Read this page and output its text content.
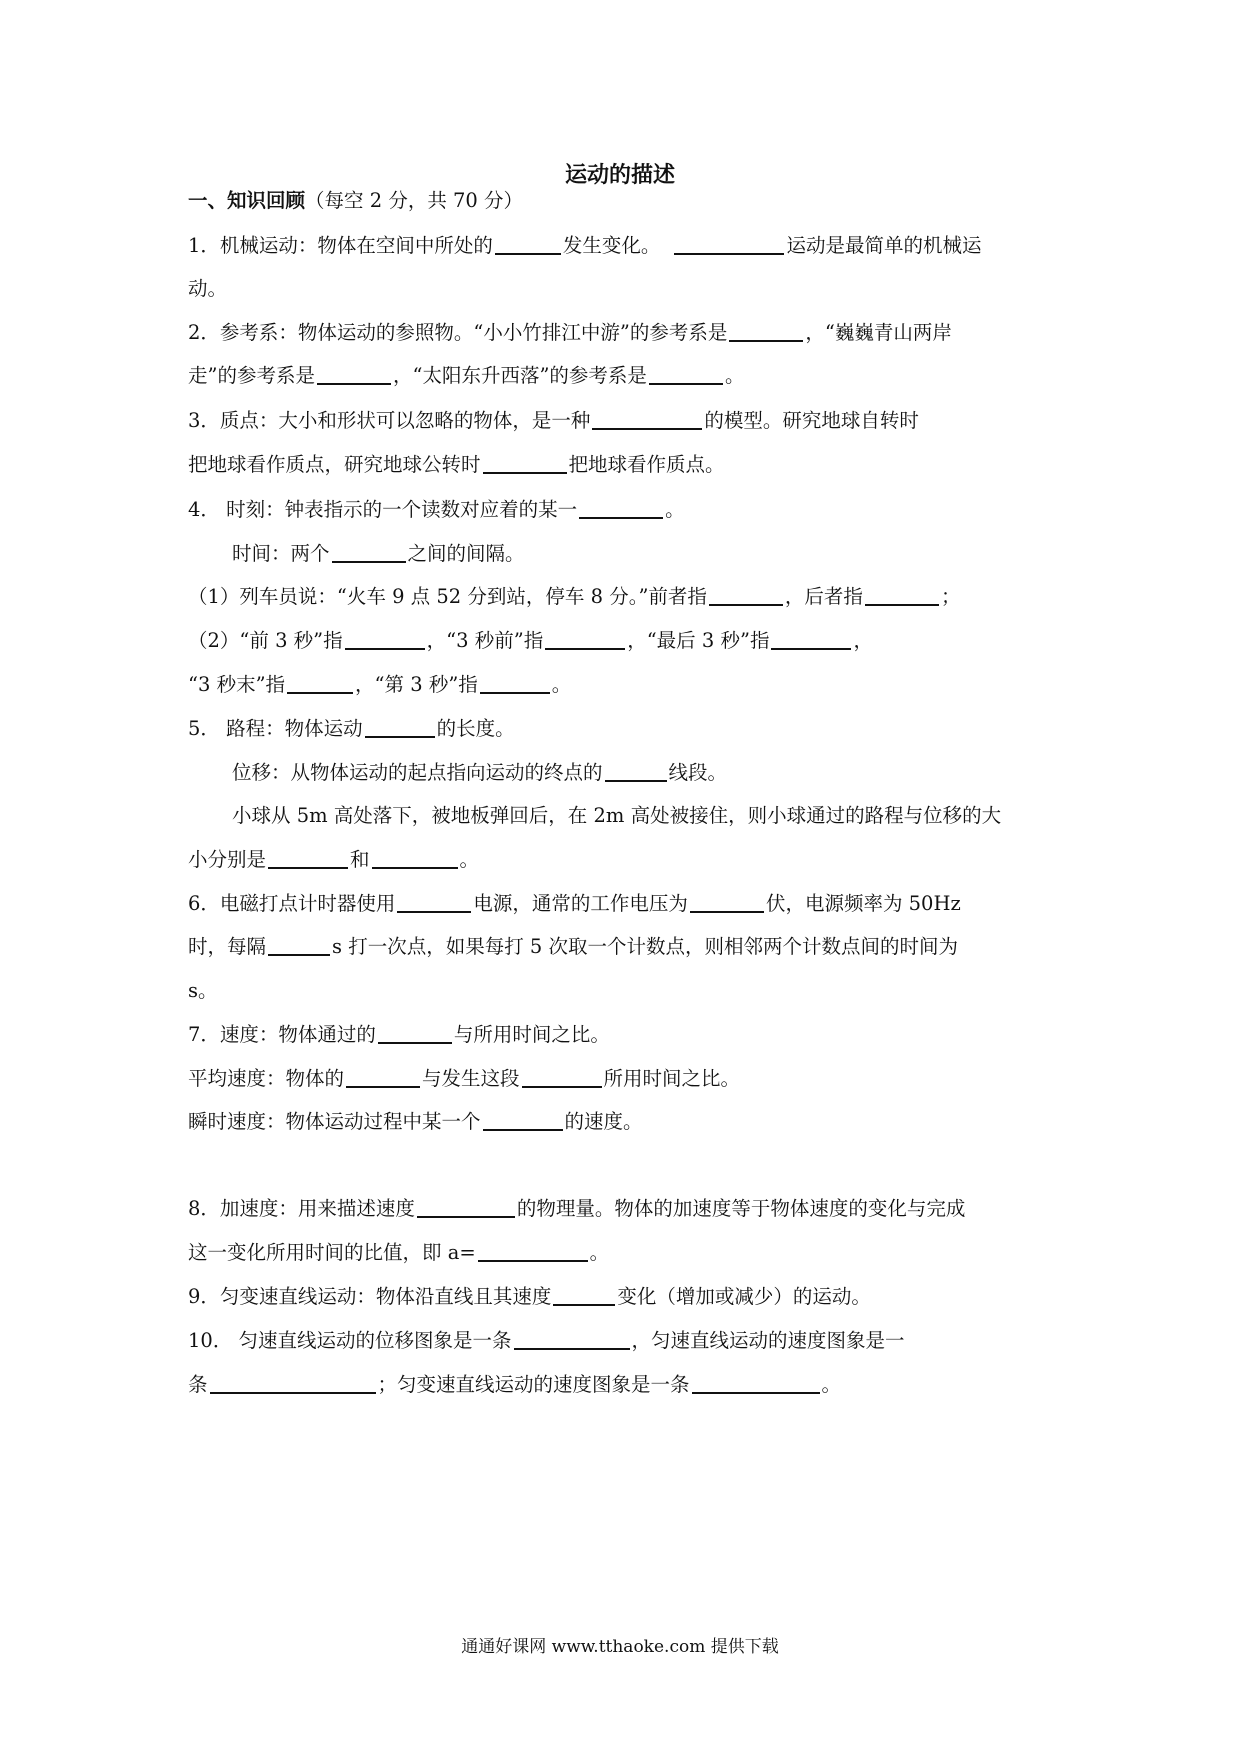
运动的描述
一、知识回顾（每空 2 分，共 70 分）
1．机械运动：物体在空间中所处的	发生变化。	运动是最简单的机械运
动。
2．参考系：物体运动的参照物。“小小竹排江中游”的参考系是	，“巍巍青山两岸
走”的参考系是	，“太阳东升西落”的参考系是	。
3．质点：大小和形状可以忽略的物体，是一种	的模型。研究地球自转时
把地球看作质点，研究地球公转时	把地球看作质点。
4． 时刻：钟表指示的一个读数对应着的某一	。
时间：两个	之间的间隔。
（1）列车员说：“火车 9 点 52 分到站，停车 8 分。”前者指	，后者指	；
（2）“前 3 秒”指	，“3 秒前”指	，“最后 3 秒”指	，
“3 秒末”指	，“第 3 秒”指	。
5． 路程：物体运动	的长度。
位移：从物体运动的起点指向运动的终点的	线段。
小球从 5m 高处落下，被地板弹回后，在 2m 高处被接住，则小球通过的路程与位移的大
小分别是	和	。
6．电磁打点计时器使用	电源，通常的工作电压为	伏，电源频率为 50Hz
时，每隔	s 打一次点，如果每打 5 次取一个计数点，则相邻两个计数点间的时间为
s。
7．速度：物体通过的	与所用时间之比。
平均速度：物体的	与发生这段	所用时间之比。
瞬时速度：物体运动过程中某一个	的速度。
8．加速度：用来描述速度	的物理量。物体的加速度等于物体速度的变化与完成
这一变化所用时间的比值，即 a=	。
9．匀变速直线运动：物体沿直线且其速度	变化（增加或减少）的运动。
10． 匀速直线运动的位移图象是一条	，匀速直线运动的速度图象是一
条	；匀变速直线运动的速度图象是一条	。
通通好课网 www.tthaoke.com 提供下载
